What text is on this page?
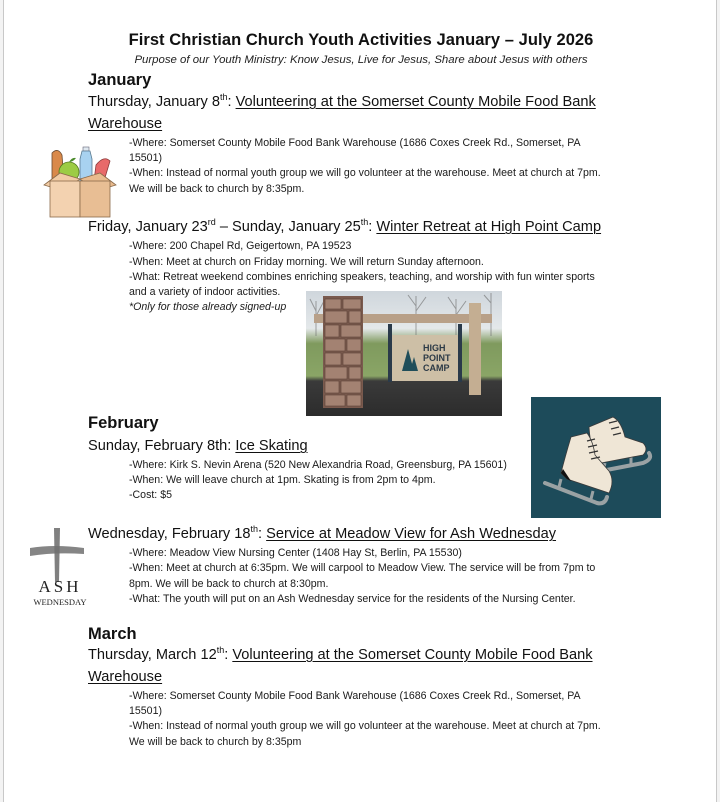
First Christian Church Youth Activities January – July 2026
Purpose of our Youth Ministry: Know Jesus, Live for Jesus, Share about Jesus with others
January
Thursday, January 8th: Volunteering at the Somerset County Mobile Food Bank
Warehouse
-Where: Somerset County Mobile Food Bank Warehouse (1686 Coxes Creek Rd., Somerset, PA
15501)
-When: Instead of normal youth group we will go volunteer at the warehouse. Meet at church at 7pm.
We will be back to church by 8:35pm.
Friday, January 23rd – Sunday, January 25th: Winter Retreat at High Point Camp
-Where: 200 Chapel Rd, Geigertown, PA 19523
-When: Meet at church on Friday morning. We will return Sunday afternoon.
-What: Retreat weekend combines enriching speakers, teaching, and worship with fun winter sports
and a variety of indoor activities.
*Only for those already signed-up
HIGH
POINT
CAMP
February
Sunday, February 8th: Ice Skating
-Where: Kirk S. Nevin Arena (520 New Alexandria Road, Greensburg, PA 15601)
-When: We will leave church at 1pm. Skating is from 2pm to 4pm.
-Cost: $5
ASH
WEDNESDAY
Wednesday, February 18th: Service at Meadow View for Ash Wednesday
-Where: Meadow View Nursing Center (1408 Hay St, Berlin, PA 15530)
-When: Meet at church at 6:35pm. We will carpool to Meadow View. The service will be from 7pm to
8pm. We will be back to church at 8:30pm.
-What: The youth will put on an Ash Wednesday service for the residents of the Nursing Center.
March
Thursday, March 12th: Volunteering at the Somerset County Mobile Food Bank
Warehouse
-Where: Somerset County Mobile Food Bank Warehouse (1686 Coxes Creek Rd., Somerset, PA
15501)
-When: Instead of normal youth group we will go volunteer at the warehouse. Meet at church at 7pm.
We will be back to church by 8:35pm
